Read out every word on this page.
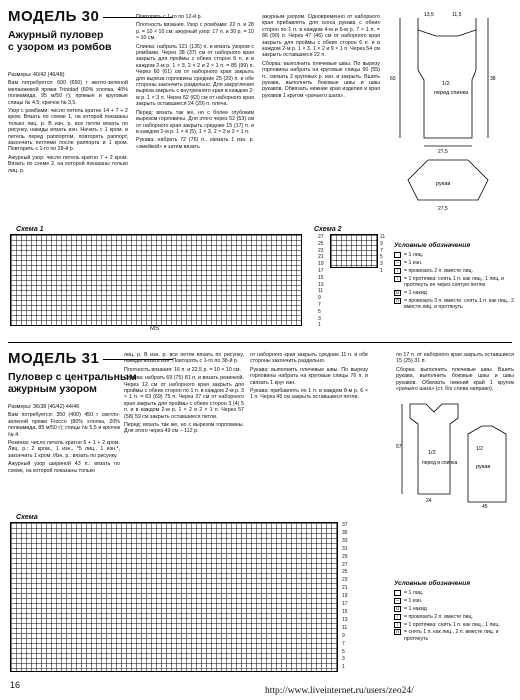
МОДЕЛЬ 30
Ажурный пуловер
с узором из ромбов

Размеры: 40/42 (46/48)

Вам потребуется: 600 (650) г желто-зеленой меланжевой пряжи Trinidad (60% хлопка, 40% полиамида, 95 м/50 г); прямые и круговые спицы № 4,5; крючок № 3,5.

Узор с ромбами: число петель кратно 14 + 7 + 2 кром. Вязать по схеме 1, на которой показаны только лиц. р. В изн. р. все петли вязать по рисунку, накиды вязать изн. Начать с 1 кром. и петель перед раппортом, повторять раппорт, закончить петлями после раппорта и 1 кром. Повторить с 1-го по 28-й р.

Ажурный узор: число петель кратно 7 + 2 кром. Вязать по схеме 2, на которой показаны только лиц. р.

Повторять с 1-го по 12-й р.

Плотность вязания. Узор с ромбами: 22 п. и 28 р. = 10 × 10 см; ажурный узор: 17 п. и 30 р. = 10 × 10 см.

Спинка: набрать 121 (135) п. и вязать узором с ромбами. Через 38 (37) см от наборного края закрыть для проймы с обеих сторон 6 п. и в каждом 2-м р. 1 × 3, 2 × 2 и 2 × 1 п. = 85 (99) п. Через 60 (61) см от наборного края закрыть для выреза горловины средние 25 (29) п. и обе стороны закончить раздельно. Для закругления выреза закрыть с внутреннего края в каждом 2-м р. 1 × 3 п. Через 62 (63) см от наборного края закрыть оставшиеся 24 (29) п. плеча.

Перед: вязать так же, но с более глубоким вырезом горловины. Для этого через 52 (53) см от наборного края закрыть средние 15 (17) п. и в каждом 2-м р. 1 × 4 (5), 1 × 3, 2 × 2 и 3 × 1 п.

Рукава: набрать 72 (76) п., связать 1 изн. р. «змейкой» и затем вязать

ажурным узором. Одновременно от наборного края прибавлять для скоса рукава с обеих сторон по 1 п. в каждом 4-м и 6-м р. 7 × 1 п. = 86 (90) п. Через 47 (46) см от наборного края закрыть для проймы с обеих сторон 6 п. и в каждом 2-м р. 1 × 3, 1 × 2 и 9 × 1 п. Через 54 см закрыть оставшиеся 22 п.

Сборка: выполнить плечевые швы. По вырезу горловины набрать на круговые спицы 50 (55) п., связать 2 круговых р. изн. и закрыть. Вшить рукава, выполнить боковые швы и швы рукавов. Обвязать нижние края изделия и края рукавов 1 кругом «рачьего шага».

1/2
перед спинка
рукав
27,5
60	38
13,5	11,5
27,5
Схема 1
MS
Схема 2
27
25
23
21
19
17
15
13
11
9
7
5
3
1
11
9
7
5
3
1
Условные обозначения
= 1 лиц.
– = 1 изн.
/	= провязать 2 п. вместе лиц.
\	= 1 протяжка: снять 1 п. как лиц., 1 лиц. и протянуть ее через снятую петлю
U = 1 накид
Λ = провязать 3 п. вместе: снять 1 п. как лиц., 2 вместе лиц. и протянуть
МОДЕЛЬ 31
Пуловер с центральным
ажурным узором

Размеры: 36/38 (40/42) 44/46

Вам потребуется: 350 (400) 450 г светло-зеленой пряжи Fiocco (80% хлопка, 20% полиамида, 85 м/50 г); спицы № 5,5 и крючок № 4.

Резинка: число петель кратно 6 + 1 + 2 кром. Лиц. р.: 2 кром., 1 изн., *5 лиц., 1 изн.*, закончить 1 кром. Изн. р.: вязать по рисунку.

Ажурный узор шириной 43 п.: вязать по схеме, на которой показаны только

лиц. р. В изн. р. все петли вязать по рисунку, накиды вязать изн. Повторять с 1-го по 38-й р.

Плотность вязания: 16 п. и 22,5 р. = 10 × 10 см.

Спинка: набрать 69 (75) 81 п. и вязать резинкой. Через 12 см от наборного края закрыть для проймы с обеих сторон по 1 п. в каждом 2-м р. 3 × 1 п. = 63 (69) 75 п. Через 37 см от наборного края закрыть для проймы с обеих сторон 3 (4) 5 п. и в каждом 2-м р. 1 × 2 и 2 × 1 п. Через 57 (58) 59 см закрыть оставшиеся петли.

Перед: вязать так же, но с вырезом горловины. Для этого через 49 см – 112 р.

от наборного края закрыть средние 11 п. и обе стороны закончить раздельно.

Рукава: выполнить плечевые швы. По вырезу горловины набрать на круговые спицы 76 п. и связать 1 круг изн.

Рукава: прибавлять по 1 п. в каждом 8-м р. 6 × 1 п. Через 45 см закрыть оставшиеся петли.

по 17 п. от наборного края закрыть оставшиеся 15 (25) 31 п.

Сборка: выполнить плечевые швы. Вшить рукава, выполнить боковые швы и швы рукавов. Обвязать нижний край 1 кругом «рачьего шага» (ст. б/н слева направо).

1/2
перед и спинка
рукав
1/2
24
57
45
Схема
37
35
33
31
29
27
25
23
21
19
17
15
13
11
9
7
5
3
1
Условные обозначения
= 1 лиц.
– = 1 изн.
U = 1 накид
/	= провязать 2 п. вместе лиц.
\	= 1 протяжка: снять 1 п. как лиц., 1 лиц.
Λ = снять 1 п. как лиц., 2 п. вместе лиц. и протянуть
16
http://www.liveinternet.ru/users/zeo24/
